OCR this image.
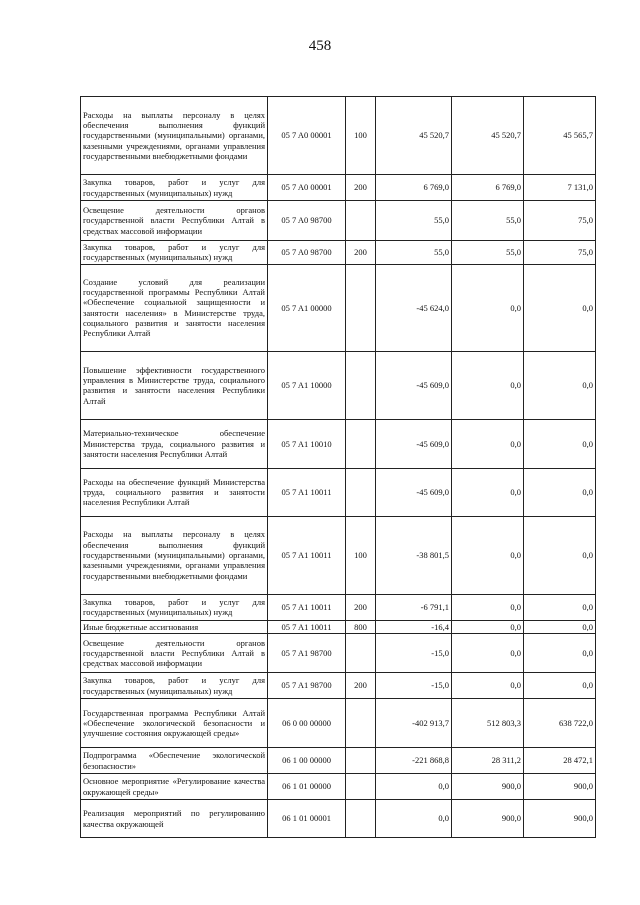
458
Расходы на выплаты персоналу в целях обеспечения выполнения функций государственными (муниципальными) органами, казенными учреждениями, органами управления государственными внебюджетными фондами	05 7 A0 00001	100	45 520,7	45 520,7	45 565,7
Закупка товаров, работ и услуг для государственных (муниципальных) нужд	05 7 A0 00001	200	6 769,0	6 769,0	7 131,0
Освещение деятельности органов государственной власти Республики Алтай в средствах массовой информации	05 7 A0 98700		55,0	55,0	75,0
Закупка товаров, работ и услуг для государственных (муниципальных) нужд	05 7 A0 98700	200	55,0	55,0	75,0
Создание условий для реализации государственной программы Республики Алтай «Обеспечение социальной защищенности и занятости населения» в Министерстве труда, социального развития и занятости населения Республики Алтай	05 7 A1 00000		-45 624,0	0,0	0,0
Повышение эффективности государственного управления в Министерстве труда, социального развития и занятости населения Республики Алтай	05 7 A1 10000		-45 609,0	0,0	0,0
Материально-техническое обеспечение Министерства труда, социального развития и занятости населения Республики Алтай	05 7 A1 10010		-45 609,0	0,0	0,0
Расходы на обеспечение функций Министерства труда, социального развития и занятости населения Республики Алтай	05 7 A1 10011		-45 609,0	0,0	0,0
Расходы на выплаты персоналу в целях обеспечения выполнения функций государственными (муниципальными) органами, казенными учреждениями, органами управления государственными внебюджетными фондами	05 7 A1 10011	100	-38 801,5	0,0	0,0
Закупка товаров, работ и услуг для государственных (муниципальных) нужд	05 7 A1 10011	200	-6 791,1	0,0	0,0
Иные бюджетные ассигнования	05 7 A1 10011	800	-16,4	0,0	0,0
Освещение деятельности органов государственной власти Республики Алтай в средствах массовой информации	05 7 A1 98700		-15,0	0,0	0,0
Закупка товаров, работ и услуг для государственных (муниципальных) нужд	05 7 A1 98700	200	-15,0	0,0	0,0
Государственная программа Республики Алтай «Обеспечение экологической безопасности и улучшение состояния окружающей среды»	06 0 00 00000		-402 913,7	512 803,3	638 722,0
Подпрограмма «Обеспечение экологической безопасности»	06 1 00 00000		-221 868,8	28 311,2	28 472,1
Основное мероприятие «Регулирование качества окружающей среды»	06 1 01 00000		0,0	900,0	900,0
Реализация мероприятий по регулированию качества окружающей	06 1 01 00001		0,0	900,0	900,0
